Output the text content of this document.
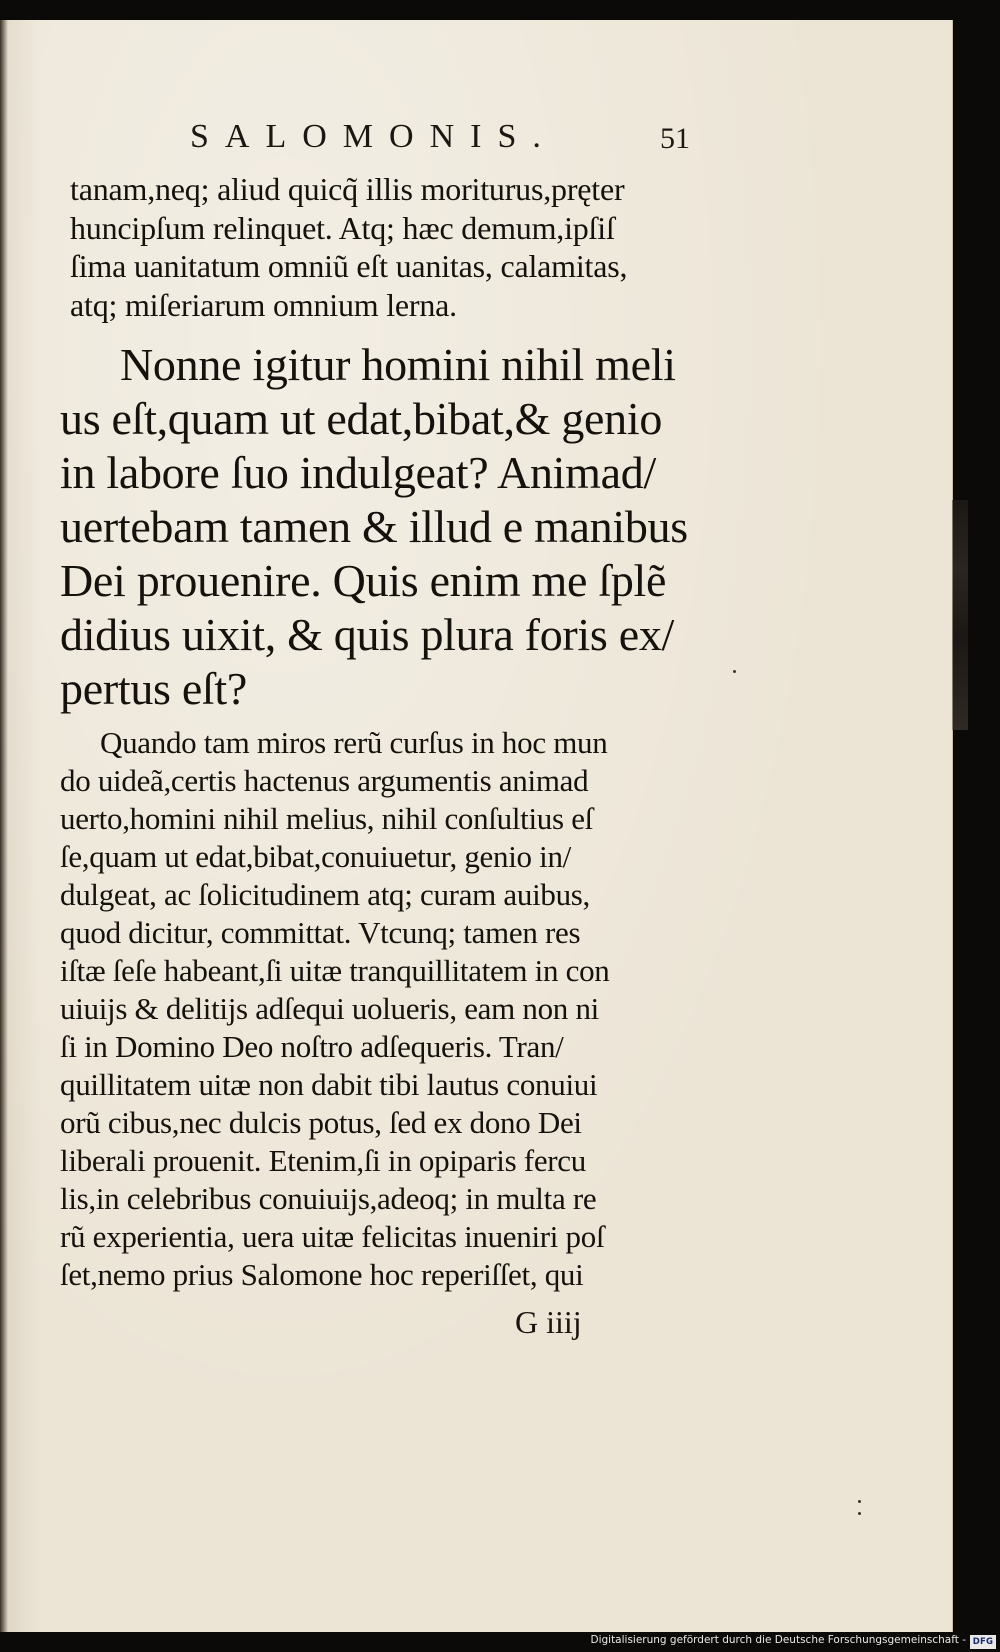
SALOMONIS.	51
tanam,neq; aliud quicq̃ illis moriturus,pręter
huncipſum relinquet. Atq; hæc demum,ipſiſ
ſima uanitatum omniũ eſt uanitas, calamitas,
atq; miſeriarum omnium lerna.
Nonne igitur homini nihil meli
us eſt,quam ut edat,bibat,& genio
in labore ſuo indulgeat? Animad/
uertebam tamen & illud e manibus
Dei prouenire. Quis enim me ſplẽ
didius uixit, & quis plura foris ex/
pertus eſt?
Quando tam miros rerũ curſus in hoc mun
do uideã,certis hactenus argumentis animad
uerto,homini nihil melius, nihil conſultius eſ
ſe,quam ut edat,bibat,conuiuetur, genio in/
dulgeat, ac ſolicitudinem atq; curam auibus,
quod dicitur, committat. Vtcunq; tamen res
iſtæ ſeſe habeant,ſi uitæ tranquillitatem in con
uiuijs & delitijs adſequi uolueris, eam non ni
ſi in Domino Deo noſtro adſequeris. Tran/
quillitatem uitæ non dabit tibi lautus conuiui
orũ cibus,nec dulcis potus, ſed ex dono Dei
liberali prouenit. Etenim,ſi in opiparis fercu
lis,in celebribus conuiuijs,adeoq; in multa re
rũ experientia, uera uitæ felicitas inueniri poſ
ſet,nemo prius Salomone hoc reperiſſet, qui
G iiij
Digitalisierung gefördert durch die Deutsche Forschungsgemeinschaft - DFG
